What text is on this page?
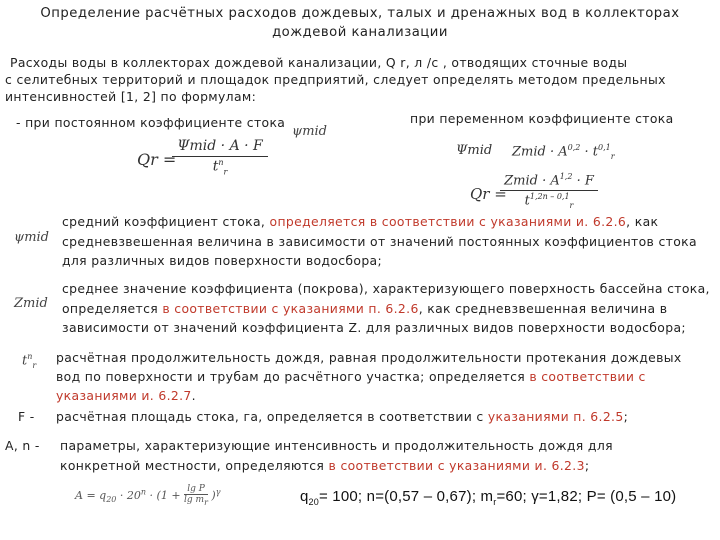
Определение расчётных расходов дождевых, талых и дренажных вод в коллекторах
дождевой канализации
Расходы воды в коллекторах дождевой канализации, Q r, л /с , отводящих сточные воды
с селитебных территорий и площадок предприятий, следует определять методом предельных
интенсивностей [1, 2] по формулам:
- при постоянном коэффициенте стока	при переменном коэффициенте стока
ψmid
Qr =
Ψmid · A · F
$t^n_r$
Ψmid Zmid · $A^{0,2} \cdot t^{0,1}_r$
Qr =
Zmid · A$^{1,2}$ · F
$t^{1,2n - 0,1}_r$
ψmid
средний коэффициент стока, определяется в соответствии с указаниями и. 6.2.6, как
средневзвешенная величина в зависимости от значений постоянных коэффициентов стока
для различных видов поверхности водосбора;
Zmid
среднее значение коэффициента (покрова), характеризующего поверхность бассейна стока,
определяется в соответствии с указаниями п. 6.2.6, как средневзвешенная величина в
зависимости от значений коэффициента Z. для различных видов поверхности водосбора;
$t^n_r$
расчётная продолжительность дождя, равная продолжительности протекания дождевых
вод по поверхности и трубам до расчётного участка; определяется в соответствии с
указаниями и. 6.2.7.
F - расчётная площадь стока, га, определяется в соответствии с указаниями п. 6.2.5;
А, n - параметры, характеризующие интенсивность и продолжительность дождя для
конкретной местности, определяются в соответствии с указаниями и. 6.2.3;
$A = q_{20} \cdot 20^n \cdot (1 + \frac{\text{lg P}}{\lg m_r} )^\gamma$	$q_{20}= 100$; n=(0,57 – 0,67); $m_r=60$; γ=1,82; P= (0,5 – 10)
